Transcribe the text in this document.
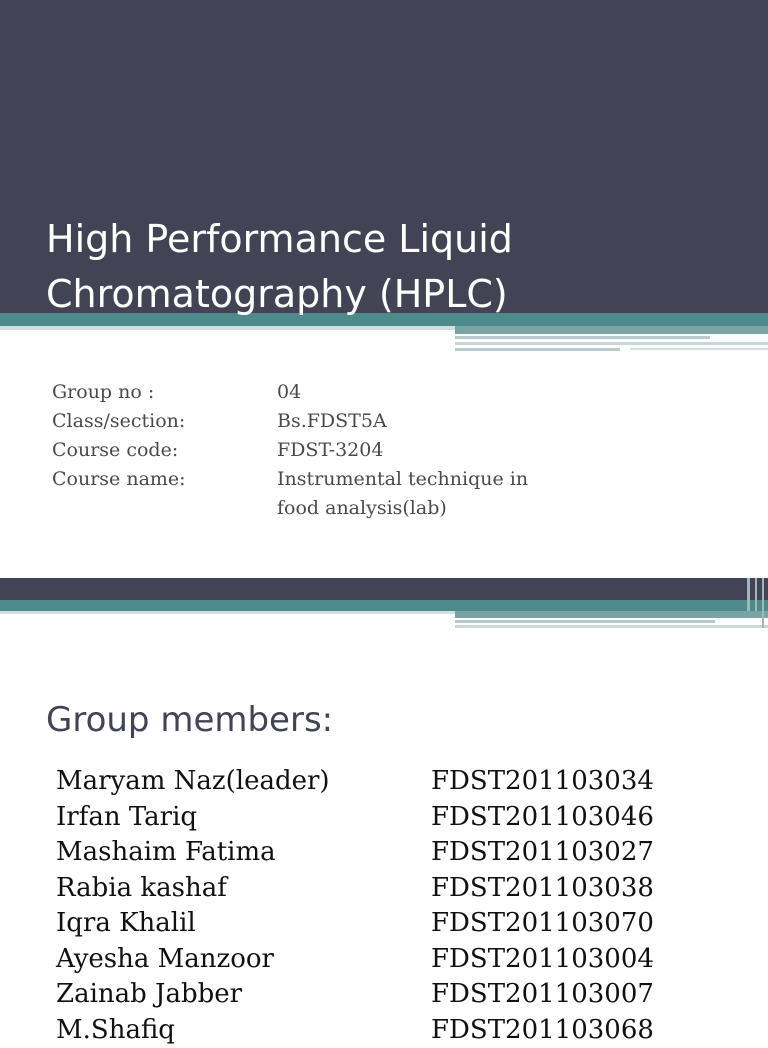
High Performance Liquid
Chromatography (HPLC)
Group no :	04
Class/section:	Bs.FDST5A
Course code:	FDST-3204
Course name:	Instrumental technique in
food analysis(lab)
Group members:
Maryam Naz(leader)	FDST201103034
Irfan Tariq	FDST201103046
Mashaim Fatima	FDST201103027
Rabia kashaf	FDST201103038
Iqra Khalil	FDST201103070
Ayesha Manzoor	FDST201103004
Zainab Jabber	FDST201103007
M.Shafiq	FDST201103068
